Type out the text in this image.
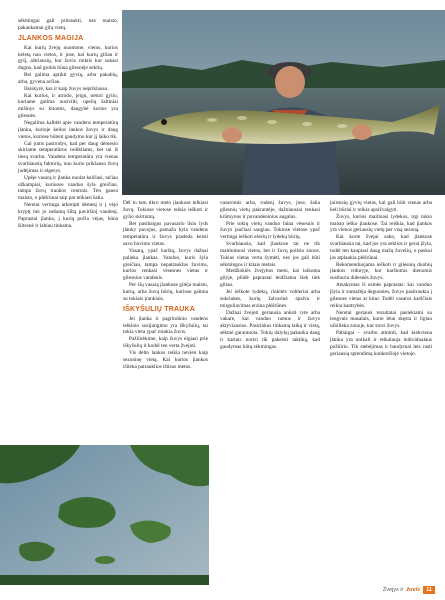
sėkmingai gali pritraukti, nes maisto, pakankamai gilų vietų.

JLANKOS MAGIJA

Kai kurių žvejų nuomone, vietos, kurios keletą nuo vietos, ir jose, kai kurių giliau ir gylį, aštriausių, kur žuvis rinktis kur sukasi dugno, kad grobis būna gilesnėje seklių.

Bei galima aptikti gyvių, arba pakabių, arba, gyvena arčiau.

Išsiskyrė, kas ir kaip žuvys nepriklauso.

Kai kurios, ir atrodo, jeigu, neturi gylio, kuriame galima nusivilti, upelių šaltiniai mišinys su kitomis, daugybė kurios yra gilesnės.

Negalima kalbėti apie vandens temperatūrą įlanka, kurioje kelios lankos žuvys ir daug vietos, kuriose būtent gaudymo kur jį laiko tik.

Gal jums pasirodys, kad per daug dėmesio skiriame temperatūros rodikliams, bet tai iš tiesų svarbu. Vandens temperatūra yra vienas svarbiausių faktorių, nuo kurio priklauso žuvų judėjimas ir elgesys.

Upėje vasarą ir įlanka nuolat keičiasi, tačiau užkampiai, kuriuose vanduo šyla greičiau, tampa žuvų traukos centrais. Ten gausu maisto, o plėšrūnai taip pat telkiasi šalia.

Neretai vertinga atkreipti dėmesį ir į vėjo kryptį bei jo nešamą šiltą paviršinį vandenį. Paprastai įlanka, į kurią pučia vėjas, būna šiltesnė ir labiau tinkama.

Dėl to tam tikro meto įlankose telkiasi žuvų. Tokiose vietose reikia ieškoti ir gylio skirtumų.

Bet pasibaigus pavasario ilsiu lyds įlanky pavojus, pamažu kyla vandens temperatūra ir žuvys pradeda keisti savo buvimo vietas.

Vasarą, ypač karštą, žuvys dažnai palieka įlankas. Vanduo, kuris šyla greičiau, tampa nepatrauklus žuvims, kurios renkasi vėsesnes vietas ir gilesnius vandenis.

Per šių vasarą įlankose gilėja maisto, kurių, arba žuvų būrių, kuriose galima su tokiais įrankiais.

IŠKYŠULIŲ TRAUKA

Jei įlanka ir pagrindinio vandens telkinio susijungimo yra iškyšulių, tai tokia vieta ypač traukia žuvis.

Pažiūrėkime, kaip žuvys elgiasi prie iškyšulių ir kodėl ten verta žvejoti.

Vis dėlto lankos reikia nevien kaip sezoninę vietą. Kai kurios įlankos išlieka patrauklios ištisus metus.

vasaromis arba, rudenį žuvys, jose, šalia gilesnių vietų pakrantėje, dažniausiai renkasi krūmynus ir povandeninius augalus.

Prie tokių vietų vanduo būna vėsesnis ir žuvys jaučiasi saugiau. Tokiose vietose ypač vertinga ieškoti ešerių ir lydekų būrių.

Svarbiausia, kad įlankose tai ne tik maitinimosi vietos, bet ir žuvų poilsio zonos. Tokias vietas verta žymėti, nes jos gali būti sėkmingos ir kitais metais.

Medžioklės žvejybos metu, kai laikoma gilyje, plūdė paprastai leidžiama šiek tiek giliau.

Jei ieškote lydekų, rinkitės vobleriai arba sukriukes, kurių žalvarinė spalva ir mirguliavimas erzina plėšrūnes.

Dažnai žvejoti geriausia anksti ryte arba vakare, kai vanduo ramus ir žuvys aktyviausios. Pasirinkus tinkamą laiką ir vietą, sėkmė garantuota. Tokių dalykų pakanka daug ir kartais norisi tik pakeisti taktiką, kad gaudymas būtų sėkmingas.

įnirtusių gyvių vietas, kai gali būti vienas arba keli būriai ir reikia apsižvalgyti.

Žuvys, kurios maitinasi lydekos, irgi tokio maisto ieško įlankose. Tai reiškia, kad įlankos yra vienos geriausių vietų per visą sezoną.

Kai kurie žvejai sako, kad įlankose svarbiausia tai, kad jos yra seklios ir gerai įšyla, todėl ten kaupiasi daug mažų žuvelių, o paskui jas atplaukia plėšrūnai.

Rekomenduojama ieškoti ir gilesnių duobių įlankos viduryje, kur karštomis dienomis susiburia didesnės žuvys.

Atsakymas iš esmės paprastas: kai vanduo įšyla ir sumažėja deguonies, žuvys pasitraukia į gilesnes vietas ar kitur. Todėl vasaros karščiais reikia kantrybės.

Neretai geriausi rezultatai pasiekiami su lengvais masalais, kurie lėtai skęsta ir ilgiau užsilieka zonoje, kur stovi žuvys.

Pabaigai – svarbu atminti, kad kiekviena įlanka yra unikali ir reikalauja individualaus požiūrio. Tik stebėjimas ir bandymai leis rasti geriausią sprendimą konkrečioje vietoje.

Žvejys ir žuvis	11
